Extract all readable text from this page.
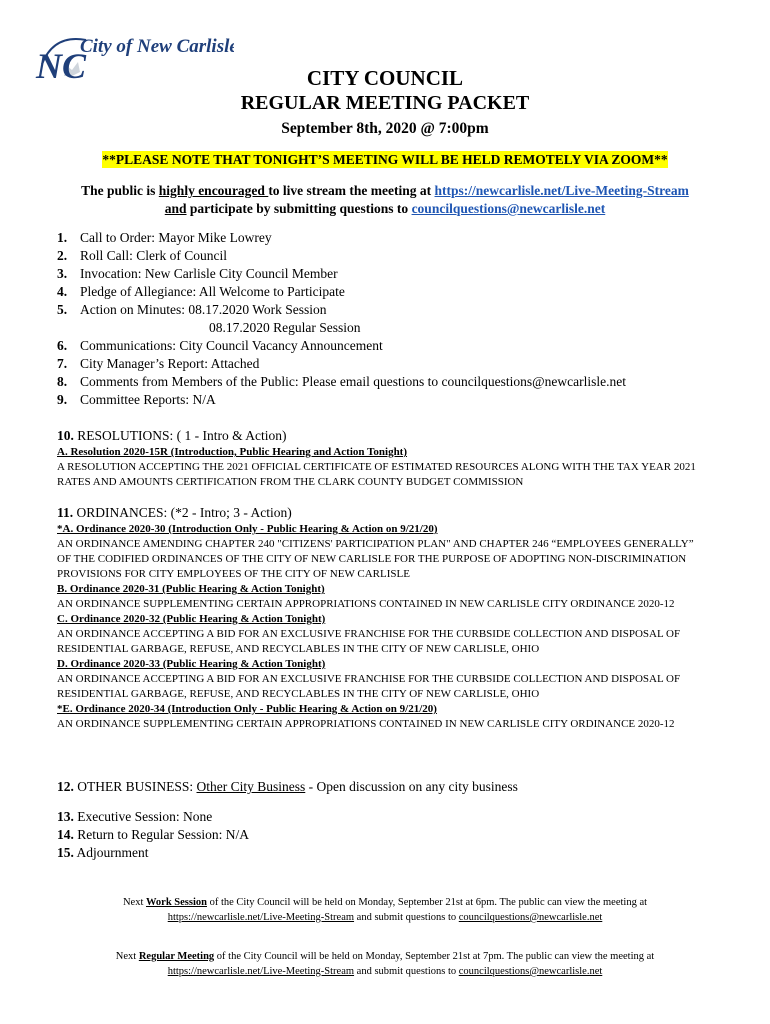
NC
City of New Carlisle
CITY COUNCIL
REGULAR MEETING PACKET
September 8th, 2020 @ 7:00pm
**PLEASE NOTE THAT TONIGHT’S MEETING WILL BE HELD REMOTELY VIA ZOOM**
The public is highly encouraged to live stream the meeting at https://newcarlisle.net/Live-Meeting-Stream
and participate by submitting questions to councilquestions@newcarlisle.net
1. Call to Order: Mayor Mike Lowrey
2. Roll Call: Clerk of Council
3. Invocation: New Carlisle City Council Member
4. Pledge of Allegiance: All Welcome to Participate
5. Action on Minutes: 08.17.2020 Work Session
08.17.2020 Regular Session
6. Communications: City Council Vacancy Announcement
7. City Manager’s Report: Attached
8. Comments from Members of the Public: Please email questions to councilquestions@newcarlisle.net
9. Committee Reports: N/A
10. RESOLUTIONS: ( 1 - Intro & Action)
A. Resolution 2020-15R (Introduction, Public Hearing and Action Tonight)
A RESOLUTION ACCEPTING THE 2021 OFFICIAL CERTIFICATE OF ESTIMATED RESOURCES ALONG WITH THE TAX YEAR 2021 RATES AND AMOUNTS CERTIFICATION FROM THE CLARK COUNTY BUDGET COMMISSION
11. ORDINANCES: (*2 - Intro; 3 - Action)
*A. Ordinance 2020-30 (Introduction Only - Public Hearing & Action on 9/21/20)
AN ORDINANCE AMENDING CHAPTER 240 "CITIZENS' PARTICIPATION PLAN" AND CHAPTER 246 “EMPLOYEES GENERALLY” OF THE CODIFIED ORDINANCES OF THE CITY OF NEW CARLISLE FOR THE PURPOSE OF ADOPTING NON-DISCRIMINATION PROVISIONS FOR CITY EMPLOYEES OF THE CITY OF NEW CARLISLE
B. Ordinance 2020-31 (Public Hearing & Action Tonight)
AN ORDINANCE SUPPLEMENTING CERTAIN APPROPRIATIONS CONTAINED IN NEW CARLISLE CITY ORDINANCE 2020-12
C. Ordinance 2020-32 (Public Hearing & Action Tonight)
AN ORDINANCE ACCEPTING A BID FOR AN EXCLUSIVE FRANCHISE FOR THE CURBSIDE COLLECTION AND DISPOSAL OF RESIDENTIAL GARBAGE, REFUSE, AND RECYCLABLES IN THE CITY OF NEW CARLISLE, OHIO
D. Ordinance 2020-33 (Public Hearing & Action Tonight)
AN ORDINANCE ACCEPTING A BID FOR AN EXCLUSIVE FRANCHISE FOR THE CURBSIDE COLLECTION AND DISPOSAL OF RESIDENTIAL GARBAGE, REFUSE, AND RECYCLABLES IN THE CITY OF NEW CARLISLE, OHIO
*E. Ordinance 2020-34 (Introduction Only - Public Hearing & Action on 9/21/20)
AN ORDINANCE SUPPLEMENTING CERTAIN APPROPRIATIONS CONTAINED IN NEW CARLISLE CITY ORDINANCE 2020-12
12. OTHER BUSINESS: Other City Business - Open discussion on any city business
13. Executive Session: None
14. Return to Regular Session: N/A
15. Adjournment
Next Work Session of the City Council will be held on Monday, September 21st at 6pm. The public can view the meeting at
https://newcarlisle.net/Live-Meeting-Stream and submit questions to councilquestions@newcarlisle.net
Next Regular Meeting of the City Council will be held on Monday, September 21st at 7pm. The public can view the meeting at
https://newcarlisle.net/Live-Meeting-Stream and submit questions to councilquestions@newcarlisle.net
